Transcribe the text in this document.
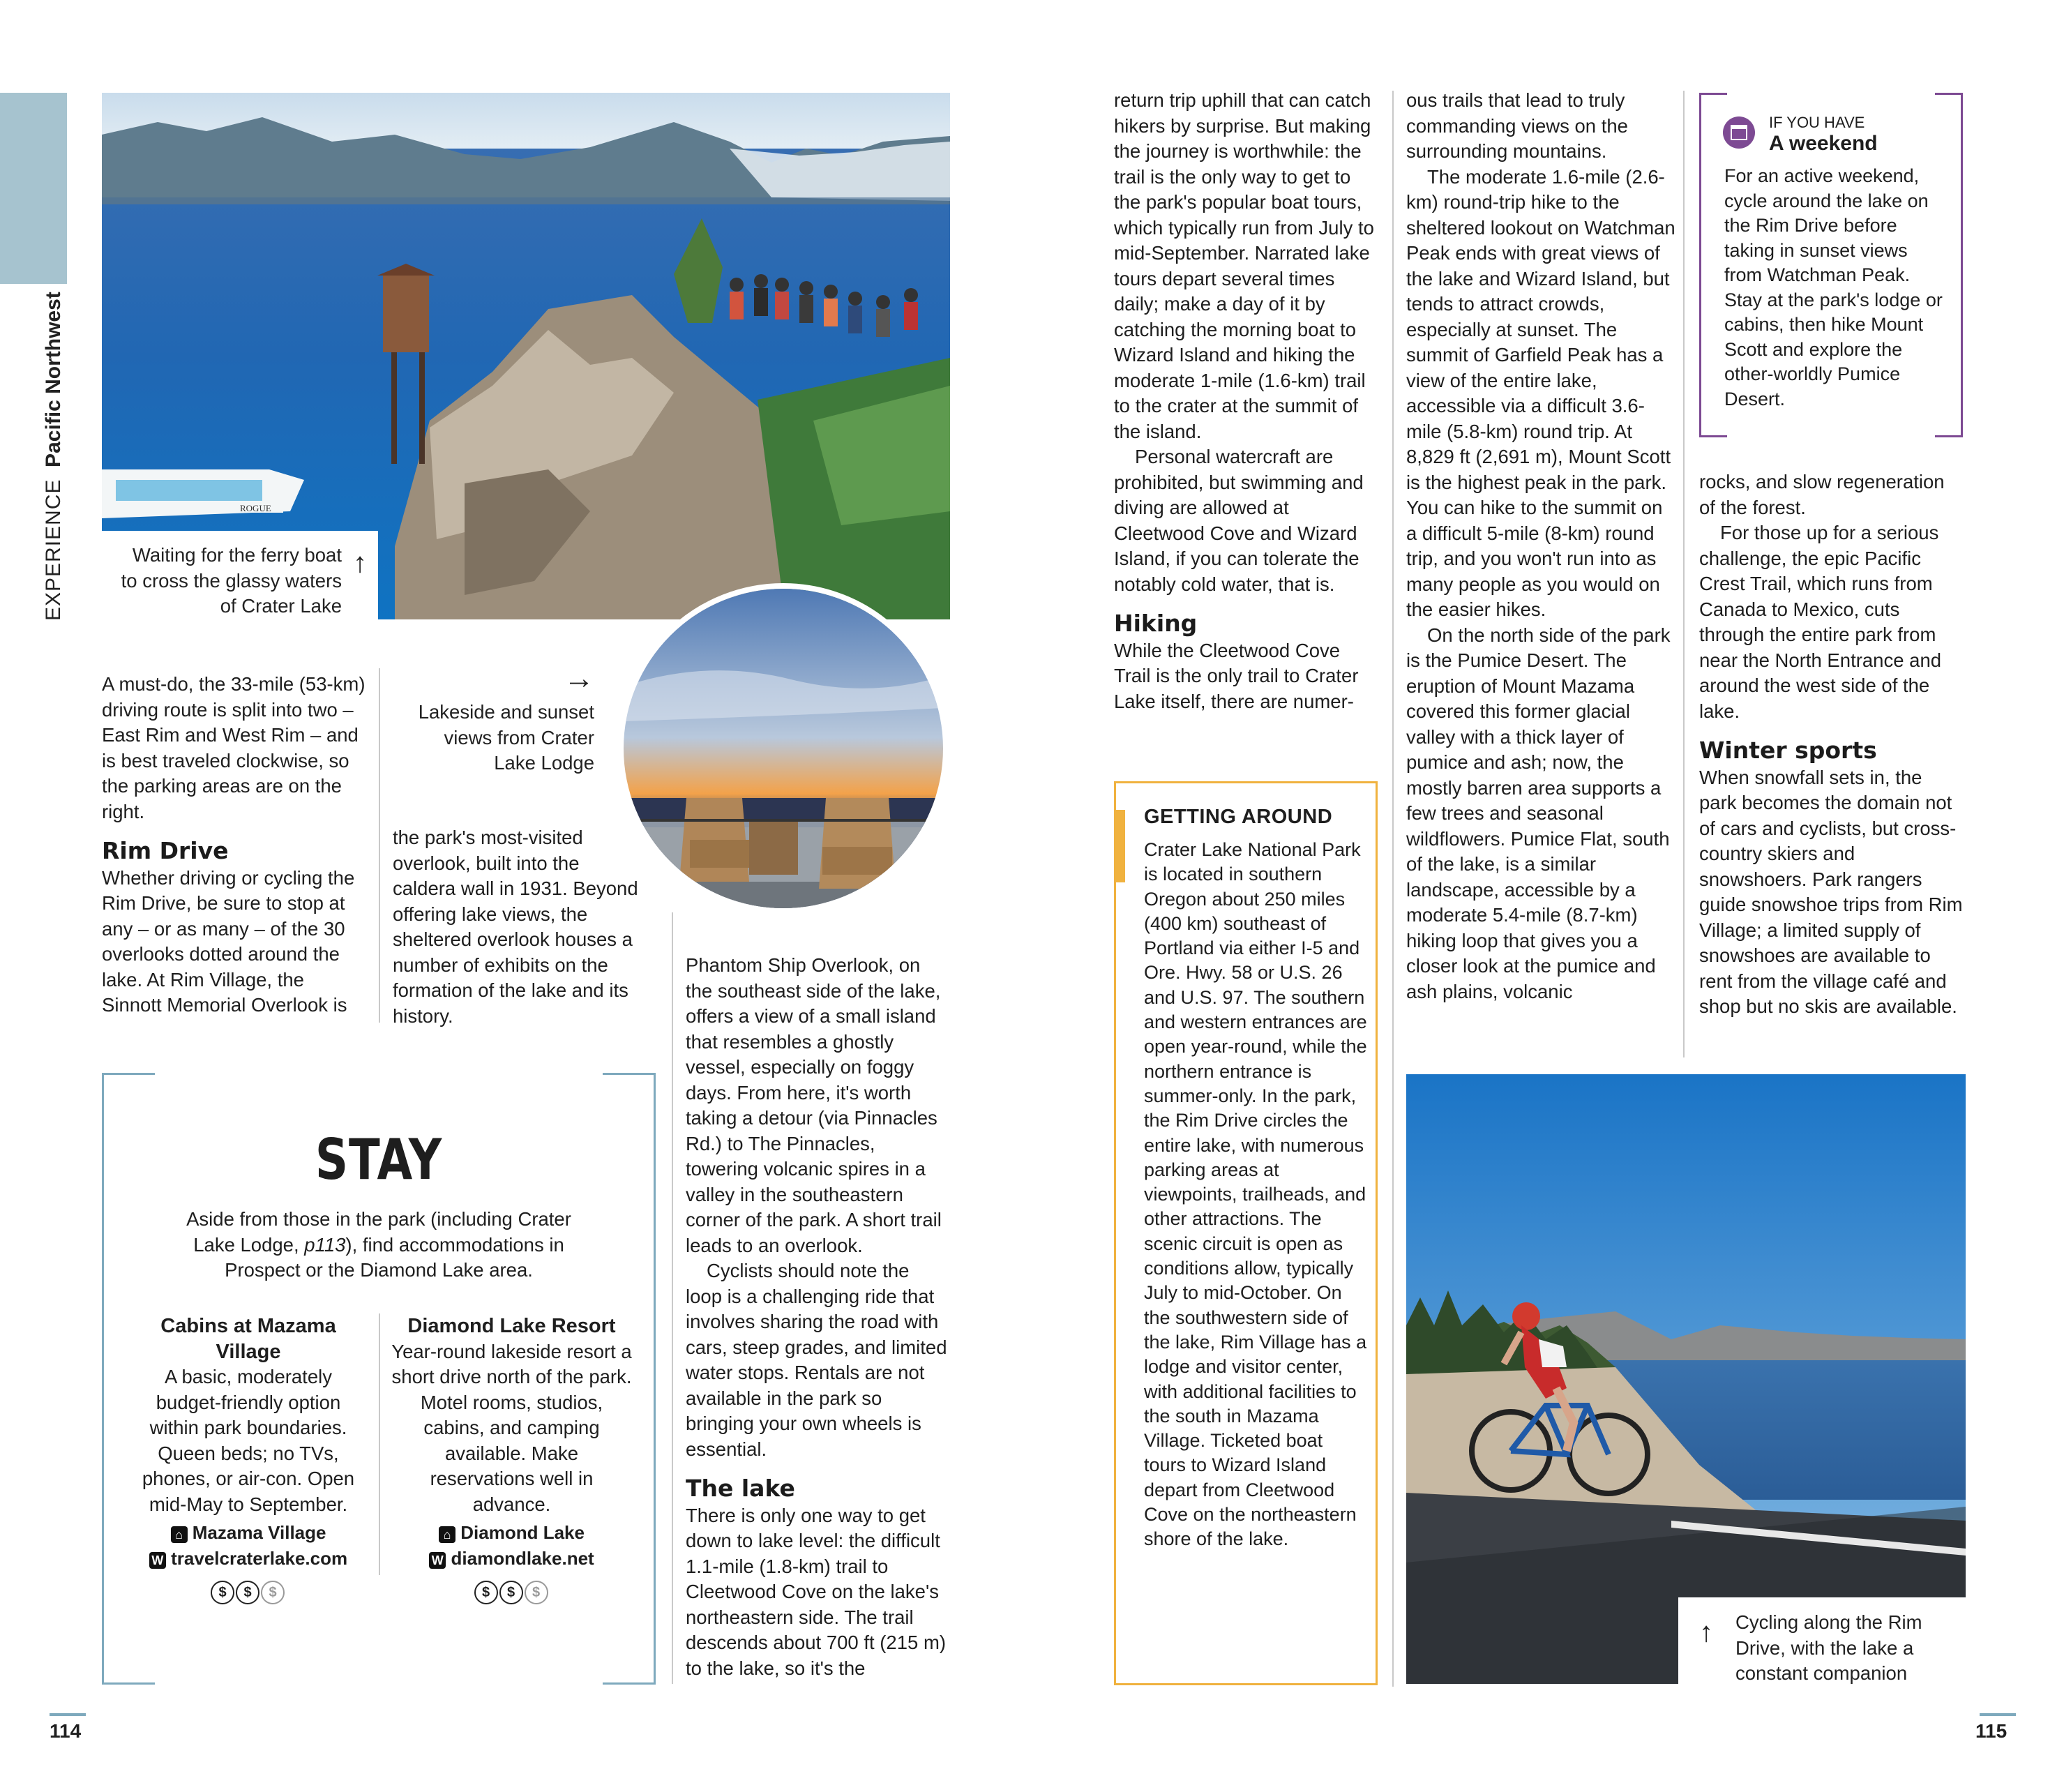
EXPERIENCE  Pacific Northwest
ROGUE
Waiting for the ferry boat to cross the glassy waters of Crater Lake
↑
→
Lakeside and sunset views from Crater Lake Lodge

A must-do, the 33-mile (53-km) driving route is split into two – East Rim and West Rim – and is best traveled clockwise, so the parking areas are on the right.

Rim Drive

Whether driving or cycling the Rim Drive, be sure to stop at any – or as many – of the 30 overlooks dotted around the lake. At Rim Village, the Sinnott Memorial Overlook is

the park's most-visited overlook, built into the caldera wall in 1931. Beyond offering lake views, the sheltered overlook houses a number of exhibits on the formation of the lake and its history.

STAY
Aside from those in the park (including Crater Lake Lodge, p113), find accommodations in Prospect or the Diamond Lake area.
Cabins at Mazama Village
A basic, moderately budget-friendly option within park boundaries. Queen beds; no TVs, phones, or air-con. Open mid-May to September.
⌂ Mazama Village
W travelcraterlake.com
$ $ $
Diamond Lake Resort
Year-round lakeside resort a short drive north of the park. Motel rooms, studios, cabins, and camping available. Make reservations well in advance.
⌂ Diamond Lake
W diamondlake.net
$ $ $

Phantom Ship Overlook, on the southeast side of the lake, offers a view of a small island that resembles a ghostly vessel, especially on foggy days. From here, it's worth taking a detour (via Pinnacles Rd.) to The Pinnacles, towering volcanic spires in a valley in the southeastern corner of the park. A short trail leads to an overlook.

Cyclists should note the loop is a challenging ride that involves sharing the road with cars, steep grades, and limited water stops. Rentals are not available in the park so bringing your own wheels is essential.

The lake

There is only one way to get down to lake level: the difficult 1.1-mile (1.8-km) trail to Cleetwood Cove on the lake's northeastern side. The trail descends about 700 ft (215 m) to the lake, so it's the

114

return trip uphill that can catch hikers by surprise. But making the journey is worthwhile: the trail is the only way to get to the park's popular boat tours, which typically run from July to mid-September. Narrated lake tours depart several times daily; make a day of it by catching the morning boat to Wizard Island and hiking the moderate 1-mile (1.6-km) trail to the crater at the summit of the island.

Personal watercraft are prohibited, but swimming and diving are allowed at Cleetwood Cove and Wizard Island, if you can tolerate the notably cold water, that is.

Hiking

While the Cleetwood Cove Trail is the only trail to Crater Lake itself, there are numer-

GETTING AROUND
Crater Lake National Park is located in southern Oregon about 250 miles (400 km) southeast of Portland via either I-5 and Ore. Hwy. 58 or U.S. 26 and U.S. 97. The southern and western entrances are open year-round, while the northern entrance is summer-only. In the park, the Rim Drive circles the entire lake, with numerous parking areas at viewpoints, trailheads, and other attractions. The scenic circuit is open as conditions allow, typically July to mid-October. On the southwestern side of the lake, Rim Village has a lodge and visitor center, with additional facilities to the south in Mazama Village. Ticketed boat tours to Wizard Island depart from Cleetwood Cove on the northeastern shore of the lake.

ous trails that lead to truly commanding views on the surrounding mountains.

The moderate 1.6-mile (2.6-km) round-trip hike to the sheltered lookout on Watchman Peak ends with great views of the lake and Wizard Island, but tends to attract crowds, especially at sunset. The summit of Garfield Peak has a view of the entire lake, accessible via a difficult 3.6-mile (5.8-km) round trip. At 8,829 ft (2,691 m), Mount Scott is the highest peak in the park. You can hike to the summit on a difficult 5-mile (8-km) round trip, and you won't run into as many people as you would on the easier hikes.

On the north side of the park is the Pumice Desert. The eruption of Mount Mazama covered this former glacial valley with a thick layer of pumice and ash; now, the mostly barren area supports a few trees and seasonal wildflowers. Pumice Flat, south of the lake, is a similar landscape, accessible by a moderate 5.4-mile (8.7-km) hiking loop that gives you a closer look at the pumice and ash plains, volcanic

IF YOU HAVE
A weekend
For an active weekend, cycle around the lake on the Rim Drive before taking in sunset views from Watchman Peak. Stay at the park's lodge or cabins, then hike Mount Scott and explore the other-worldly Pumice Desert.

rocks, and slow regeneration of the forest.

For those up for a serious challenge, the epic Pacific Crest Trail, which runs from Canada to Mexico, cuts through the entire park from near the North Entrance and around the west side of the lake.

Winter sports

When snowfall sets in, the park becomes the domain not of cars and cyclists, but cross-country skiers and snowshoers. Park rangers guide snowshoe trips from Rim Village; a limited supply of snowshoes are available to rent from the village café and shop but no skis are available.

↑ Cycling along the Rim Drive, with the lake a constant companion
115
